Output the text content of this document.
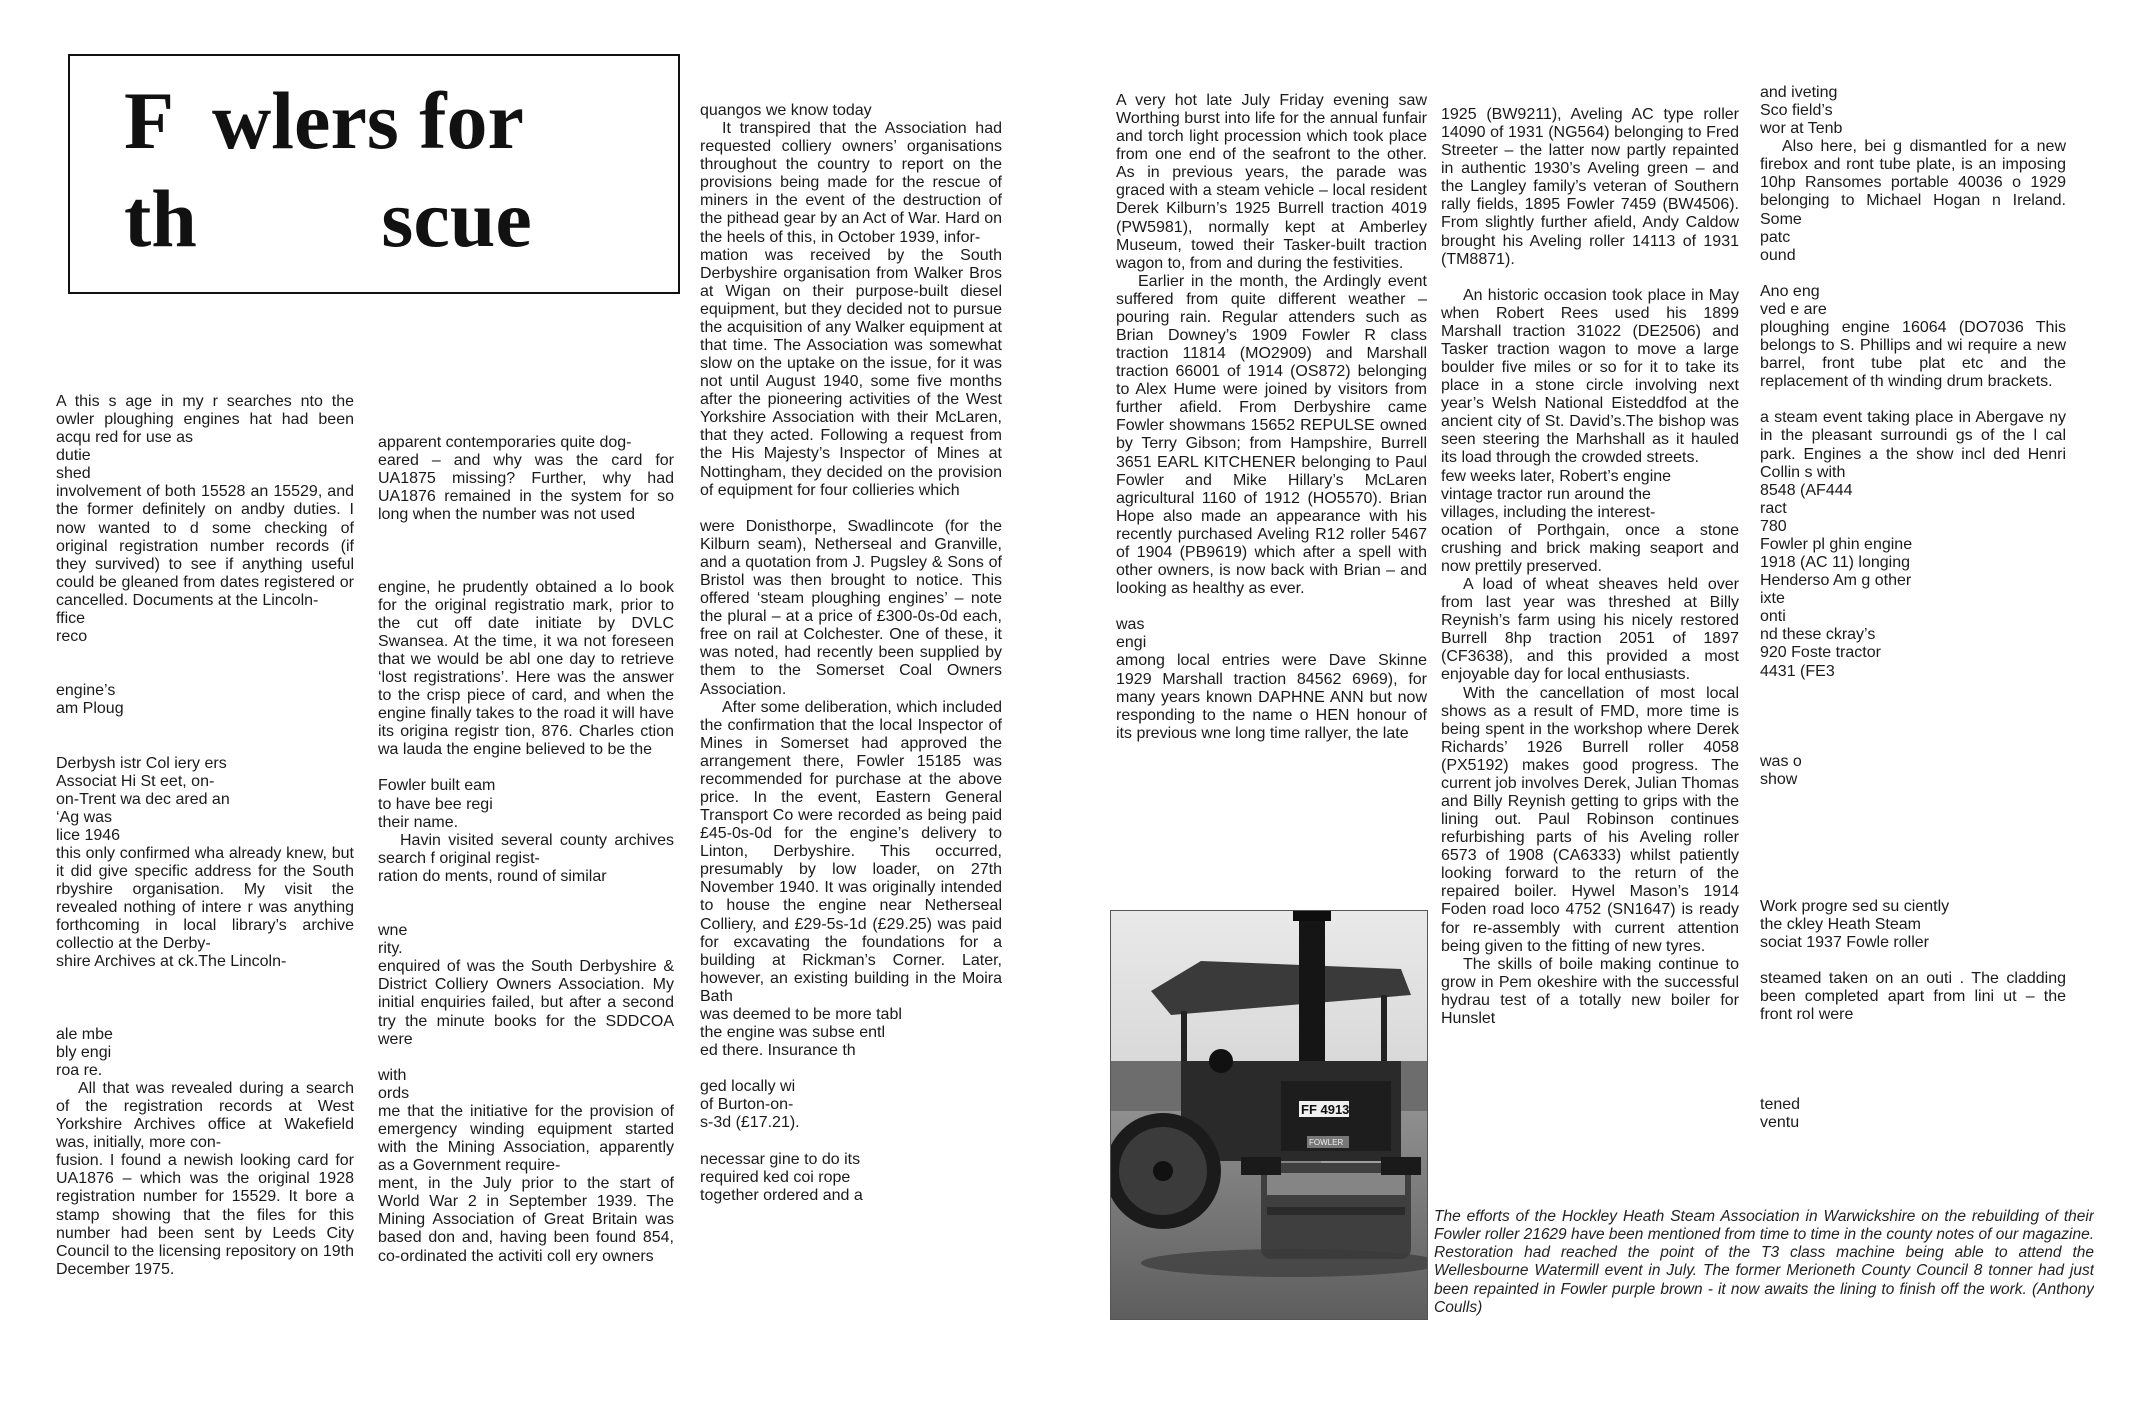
F  wlers for
th         scue

A this s age in my r searches nto the owler ploughing engines hat had been acqu red for use as
dutie
shed
involvement of both 15528 an 15529, and the former definitely on andby duties. I now wanted to d some checking of original registration number records (if they survived) to see if anything useful could be gleaned from dates registered or cancelled. Documents at the Lincoln-
ffice
reco

engine’s
am Ploug

Derbysh istr Col iery ers
Associat Hi St eet, on-
on-Trent wa dec ared an
‘Ag was
lice 1946
this only confirmed wha already knew, but it did give specific address for the South rbyshire organisation. My visit the revealed nothing of intere r was anything forthcoming in local library’s archive collectio at the Derby-
shire Archives at ck.The Lincoln-

ale mbe
bly engi
roa re.

All that was revealed during a search of the registration records at West Yorkshire Archives office at Wakefield was, initially, more con-
fusion. I found a newish looking card for UA1876 – which was the original 1928 registration number for 15529. It bore a stamp showing that the files for this number had been sent by Leeds City Council to the licensing repository on 19th December 1975.

apparent contemporaries quite dog-
eared – and why was the card for UA1875 missing? Further, why had UA1876 remained in the system for so long when the number was not used

engine, he prudently obtained a lo book for the original registratio mark, prior to the cut off date initiate by DVLC Swansea. At the time, it wa not foreseen that we would be abl one day to retrieve ‘lost registrations’. Here was the answer to the crisp piece of card, and when the engine finally takes to the road it will have its origina registr tion, 876. Charles ction wa lauda the engine believed to be the

Fowler built eam
to have bee regi
their name.

Havin visited several county archives search f original regist-
ration do ments, round of similar

wne
rity.
enquired of was the South Derbyshire & District Colliery Owners Association. My initial enquiries failed, but after a second try the minute books for the SDDCOA were

with
ords
me that the initiative for the provision of emergency winding equipment started with the Mining Association, apparently as a Government require-
ment, in the July prior to the start of World War 2 in September 1939. The Mining Association of Great Britain was based don and, having been found 854, co-ordinated the activiti coll ery owners

quangos we know today

It transpired that the Association had requested colliery owners’ organisations throughout the country to report on the provisions being made for the rescue of miners in the event of the destruction of the pithead gear by an Act of War. Hard on the heels of this, in October 1939, infor-
mation was received by the South Derbyshire organisation from Walker Bros at Wigan on their purpose-built diesel equipment, but they decided not to pursue the acquisition of any Walker equipment at that time. The Association was somewhat slow on the uptake on the issue, for it was not until August 1940, some five months after the pioneering activities of the West Yorkshire Association with their McLaren, that they acted. Following a request from the His Majesty’s Inspector of Mines at Nottingham, they decided on the provision of equipment for four collieries which

were Donisthorpe, Swadlincote (for the Kilburn seam), Netherseal and Granville, and a quotation from J. Pugsley & Sons of Bristol was then brought to notice. This offered ‘steam ploughing engines’ – note the plural – at a price of £300-0s-0d each, free on rail at Colchester. One of these, it was noted, had recently been supplied by them to the Somerset Coal Owners Association.

After some deliberation, which included the confirmation that the local Inspector of Mines in Somerset had approved the arrangement there, Fowler 15185 was recommended for purchase at the above price. In the event, Eastern General Transport Co were recorded as being paid £45-0s-0d for the engine’s delivery to Linton, Derbyshire. This occurred, presumably by low loader, on 27th November 1940. It was originally intended to house the engine near Netherseal Colliery, and £29-5s-1d (£29.25) was paid for excavating the foundations for a building at Rickman’s Corner. Later, however, an existing building in the Moira Bath
was deemed to be more tabl
the engine was subse entl
ed there. Insurance th

ged locally wi
of Burton-on-
s-3d (£17.21).

necessar gine to do its
required ked coi rope
together ordered and a

A very hot late July Friday evening saw Worthing burst into life for the annual funfair and torch light procession which took place from one end of the seafront to the other. As in previous years, the parade was graced with a steam vehicle – local resident Derek Kilburn’s 1925 Burrell traction 4019 (PW5981), normally kept at Amberley Museum, towed their Tasker-built traction wagon to, from and during the festivities.

Earlier in the month, the Ardingly event suffered from quite different weather – pouring rain. Regular attenders such as Brian Downey’s 1909 Fowler R class traction 11814 (MO2909) and Marshall traction 66001 of 1914 (OS872) belonging to Alex Hume were joined by visitors from further afield. From Derbyshire came Fowler showmans 15652 REPULSE owned by Terry Gibson; from Hampshire, Burrell 3651 EARL KITCHENER belonging to Paul Fowler and Mike Hillary’s McLaren agricultural 1160 of 1912 (HO5570). Brian Hope also made an appearance with his recently purchased Aveling R12 roller 5467 of 1904 (PB9619) which after a spell with other owners, is now back with Brian – and looking as healthy as ever.

was
engi
among local entries were Dave Skinne 1929 Marshall traction 84562 6969), for many years known DAPHNE ANN but now responding to the name o HEN honour of its previous wne long time rallyer, the late

1925 (BW9211), Aveling AC type roller 14090 of 1931 (NG564) belonging to Fred Streeter – the latter now partly repainted in authentic 1930’s Aveling green – and the Langley family’s veteran of Southern rally fields, 1895 Fowler 7459 (BW4506). From slightly further afield, Andy Caldow brought his Aveling roller 14113 of 1931 (TM8871).

An historic occasion took place in May when Robert Rees used his 1899 Marshall traction 31022 (DE2506) and Tasker traction wagon to move a large boulder five miles or so for it to take its place in a stone circle involving next year’s Welsh National Eisteddfod at the ancient city of St. David’s.The bishop was seen steering the Marhshall as it hauled its load through the crowded streets.
few weeks later, Robert’s engine
vintage tractor run around the
villages, including the interest-
ocation of Porthgain, once a stone crushing and brick making seaport and now prettily preserved.

A load of wheat sheaves held over from last year was threshed at Billy Reynish’s farm using his nicely restored Burrell 8hp traction 2051 of 1897 (CF3638), and this provided a most enjoyable day for local enthusiasts.

With the cancellation of most local shows as a result of FMD, more time is being spent in the workshop where Derek Richards’ 1926 Burrell roller 4058 (PX5192) makes good progress. The current job involves Derek, Julian Thomas and Billy Reynish getting to grips with the lining out. Paul Robinson continues refurbishing parts of his Aveling roller 6573 of 1908 (CA6333) whilst patiently looking forward to the return of the repaired boiler. Hywel Mason’s 1914 Foden road loco 4752 (SN1647) is ready for re-assembly with current attention being given to the fitting of new tyres.

The skills of boile making continue to grow in Pem okeshire with the successful hydrau test of a totally new boiler for Hunslet

and iveting
Sco field’s
wor at Tenb

Also here, bei g dismantled for a new firebox and ront tube plate, is an imposing 10hp Ransomes portable 40036 o 1929 belonging to Michael Hogan n Ireland. Some
patc
ound

Ano eng
ved e are
ploughing engine 16064 (DO7036 This belongs to S. Phillips and wi require a new barrel, front tube plat etc and the replacement of th winding drum brackets.

a steam event taking place in Abergave ny in the pleasant surroundi gs of the l cal park. Engines a the show incl ded Henri Collin s with
8548 (AF444
ract
780
Fowler pl ghin engine
1918 (AC 11) longing
Henderso Am g other
ixte
onti
nd these ckray’s
920 Foste tractor
4431 (FE3

was o
show

Work progre sed su ciently
the ckley Heath Steam
sociat 1937 Fowle roller

steamed taken on an outi . The cladding been completed apart from lini ut – the front rol were

tened
ventu

FF 4913
FOWLER
The efforts of the Hockley Heath Steam Association in Warwickshire on the rebuilding of their Fowler roller 21629 have been mentioned from time to time in the county notes of our magazine. Restoration had reached the point of the T3 class machine being able to attend the Wellesbourne Watermill event in July. The former Merioneth County Council 8 tonner had just been repainted in Fowler purple brown - it now awaits the lining to finish off the work. (Anthony Coulls)
